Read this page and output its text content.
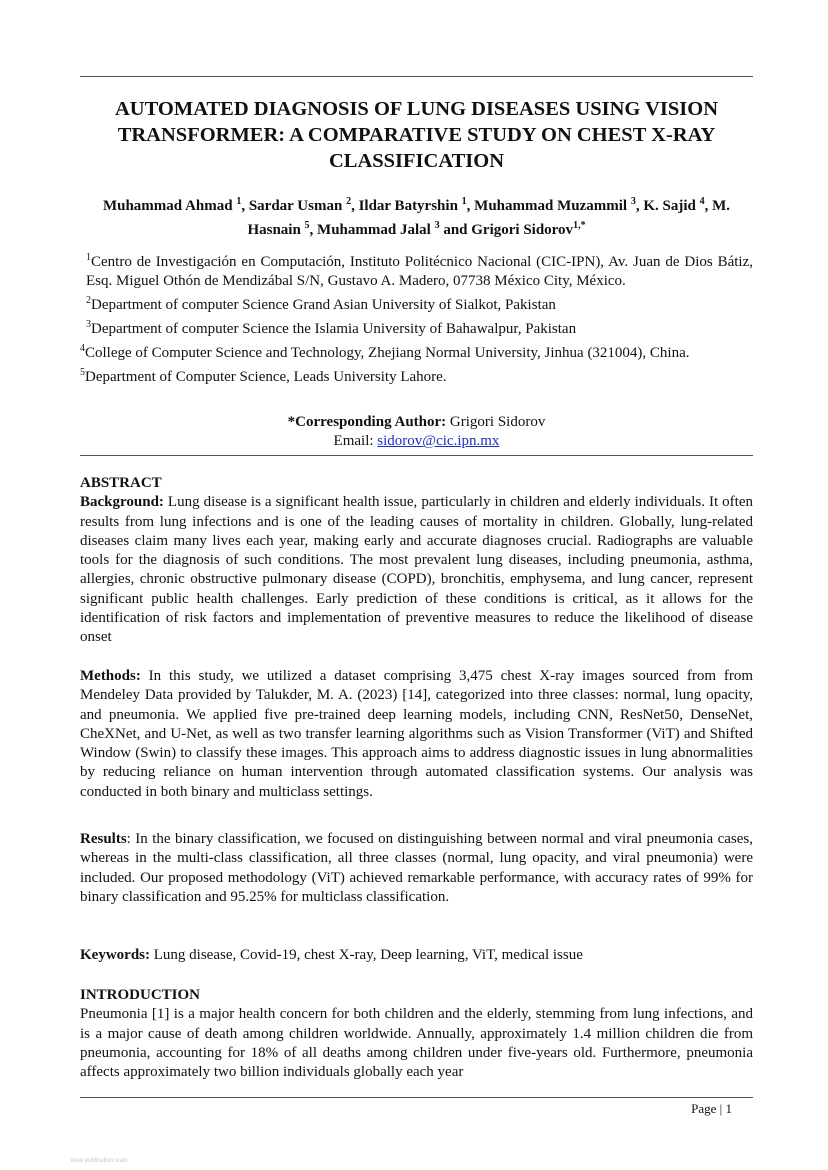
AUTOMATED DIAGNOSIS OF LUNG DISEASES USING VISION TRANSFORMER: A COMPARATIVE STUDY ON CHEST X-RAY CLASSIFICATION

Muhammad Ahmad $^1$, Sardar Usman $^2$, Ildar Batyrshin $^1$, Muhammad Muzammil $^3$, K. Sajid $^4$, M. Hasnain $^5$, Muhammad Jalal $^3$ and Grigori Sidorov$^{1,*}$

$^1$Centro de Investigación en Computación, Instituto Politécnico Nacional (CIC-IPN), Av. Juan de Dios Bátiz, Esq. Miguel Othón de Mendizábal S/N, Gustavo A. Madero, 07738 México City, México.

$^2$Department of computer Science Grand Asian University of Sialkot, Pakistan

$^3$Department of computer Science the Islamia University of Bahawalpur, Pakistan

$^4$College of Computer Science and Technology, Zhejiang Normal University, Jinhua (321004), China.

$^5$Department of Computer Science, Leads University Lahore.

*Corresponding Author: Grigori Sidorov

Email: sidorov@cic.ipn.mx

ABSTRACT

Background: Lung disease is a significant health issue, particularly in children and elderly individuals. It often results from lung infections and is one of the leading causes of mortality in children. Globally, lung-related diseases claim many lives each year, making early and accurate diagnoses crucial. Radiographs are valuable tools for the diagnosis of such conditions. The most prevalent lung diseases, including pneumonia, asthma, allergies, chronic obstructive pulmonary disease (COPD), bronchitis, emphysema, and lung cancer, represent significant public health challenges. Early prediction of these conditions is critical, as it allows for the identification of risk factors and implementation of preventive measures to reduce the likelihood of disease onset

Methods: In this study, we utilized a dataset comprising 3,475 chest X-ray images sourced from from Mendeley Data provided by Talukder, M. A. (2023) [14], categorized into three classes: normal, lung opacity, and pneumonia. We applied five pre-trained deep learning models, including CNN, ResNet50, DenseNet, CheXNet, and U-Net, as well as two transfer learning algorithms such as Vision Transformer (ViT) and Shifted Window (Swin) to classify these images. This approach aims to address diagnostic issues in lung abnormalities by reducing reliance on human intervention through automated classification systems. Our analysis was conducted in both binary and multiclass settings.

Results: In the binary classification, we focused on distinguishing between normal and viral pneumonia cases, whereas in the multi-class classification, all three classes (normal, lung opacity, and viral pneumonia) were included. Our proposed methodology (ViT) achieved remarkable performance, with accuracy rates of 99% for binary classification and 95.25% for multiclass classification.

Keywords: Lung disease, Covid-19, chest X-ray, Deep learning, ViT, medical issue

INTRODUCTION

Pneumonia [1] is a major health concern for both children and the elderly, stemming from lung infections, and is a major cause of death among children worldwide. Annually, approximately 1.4 million children die from pneumonia, accounting for 18% of all deaths among children under five-years old. Furthermore, pneumonia affects approximately two billion individuals globally each year

Page | 1
View publication stats
